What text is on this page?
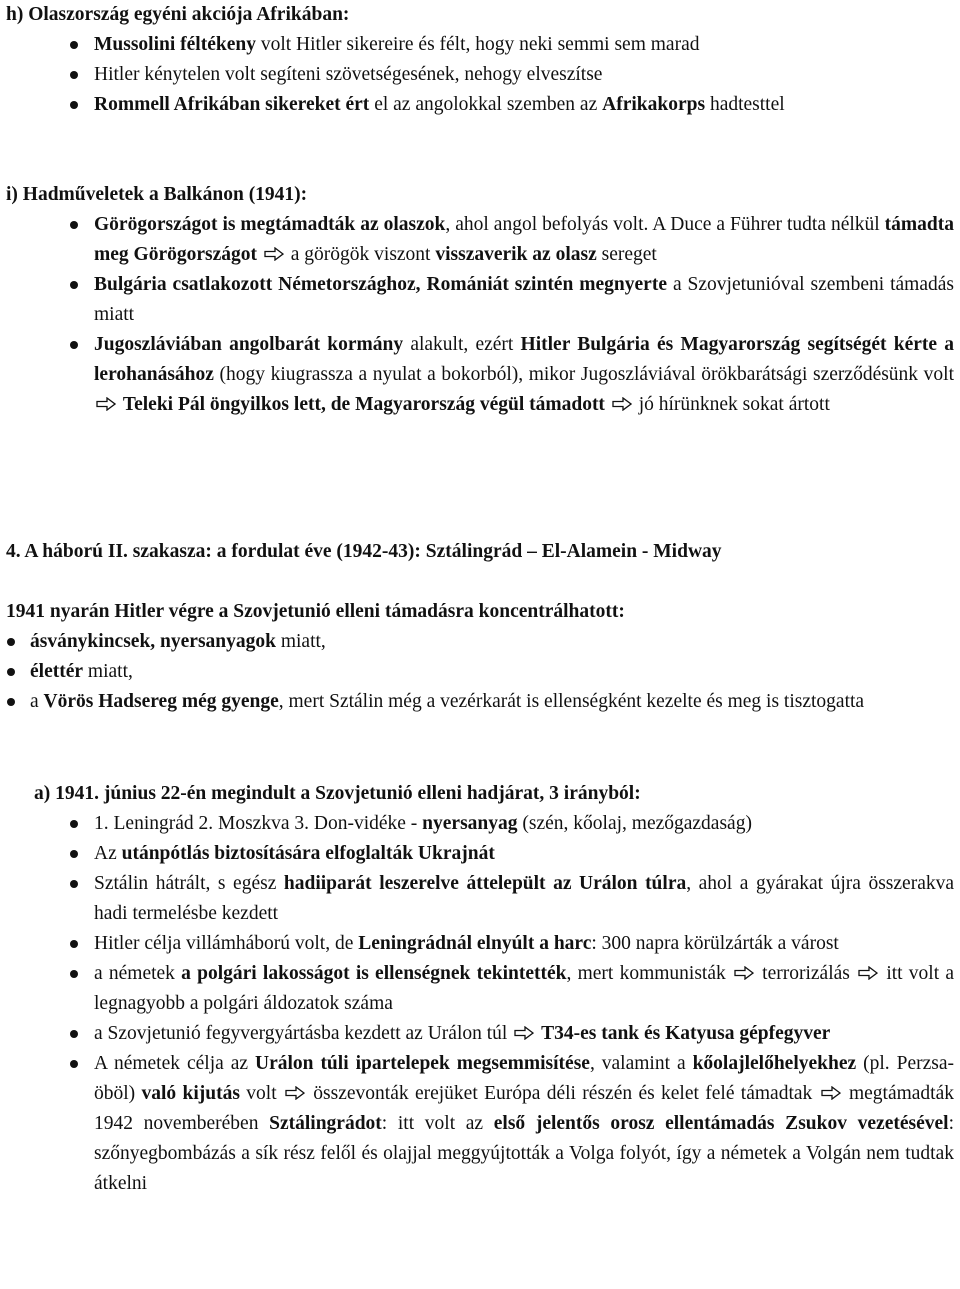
h) Olaszország egyéni akciója Afrikában:
Mussolini féltékeny volt Hitler sikereire és félt, hogy neki semmi sem marad
Hitler kénytelen volt segíteni szövetségesének, nehogy elveszítse
Rommell Afrikában sikereket ért el az angolokkal szemben az Afrikakorps hadtesttel
i) Hadműveletek a Balkánon (1941):
Görögországot is megtámadták az olaszok, ahol angol befolyás volt. A Duce a Führer tudta nélkül támadta meg Görögországot
a görögök viszont visszaverik az olasz sereget
Bulgária csatlakozott Németországhoz, Romániát szintén megnyerte a Szovjetunióval szembeni támadás miatt
Jugoszláviában angolbarát kormány alakult, ezért Hitler Bulgária és Magyarország segítségét kérte a lerohanásához (hogy kiugrassza a nyulat a bokorból), mikor Jugoszláviával örökbarátsági szerződésünk volt
Teleki Pál öngyilkos lett, de Magyarország végül támadott
jó hírünknek sokat ártott
4. A háború II. szakasza: a fordulat éve (1942-43): Sztálingrád – El-Alamein - Midway
1941 nyarán Hitler végre a Szovjetunió elleni támadásra koncentrálhatott:
ásványkincsek, nyersanyagok miatt,
élettér miatt,
a Vörös Hadsereg még gyenge, mert Sztálin még a vezérkarát is ellenségként kezelte és meg is tisztogatta
a) 1941. június 22-én megindult a Szovjetunió elleni hadjárat, 3 irányból:
1. Leningrád 2. Moszkva 3. Don-vidéke - nyersanyag (szén, kőolaj, mezőgazdaság)
Az utánpótlás biztosítására elfoglalták Ukrajnát
Sztálin hátrált, s egész hadiiparát leszerelve áttelepült az Urálon túlra, ahol a gyárakat újra összerakva hadi termelésbe kezdett
Hitler célja villámháború volt, de Leningrádnál elnyúlt a harc: 300 napra körülzárták a várost
a németek a polgári lakosságot is ellenségnek tekintették, mert kommunisták
terrorizálás
itt volt a legnagyobb a polgári áldozatok száma
a Szovjetunió fegyvergyártásba kezdett az Urálon túl
T34-es tank és Katyusa gépfegyver
A németek célja az Urálon túli ipartelepek megsemmisítése, valamint a kőolajlelőhelyekhez (pl. Perzsa-öböl) való kijutás volt
összevonták erejüket Európa déli részén és kelet felé támadtak
megtámadták 1942 novemberében Sztálingrádot: itt volt az első jelentős orosz ellentámadás Zsukov vezetésével: szőnyegbombázás a sík rész felől és olajjal meggyújtották a Volga folyót, így a németek a Volgán nem tudtak átkelni
